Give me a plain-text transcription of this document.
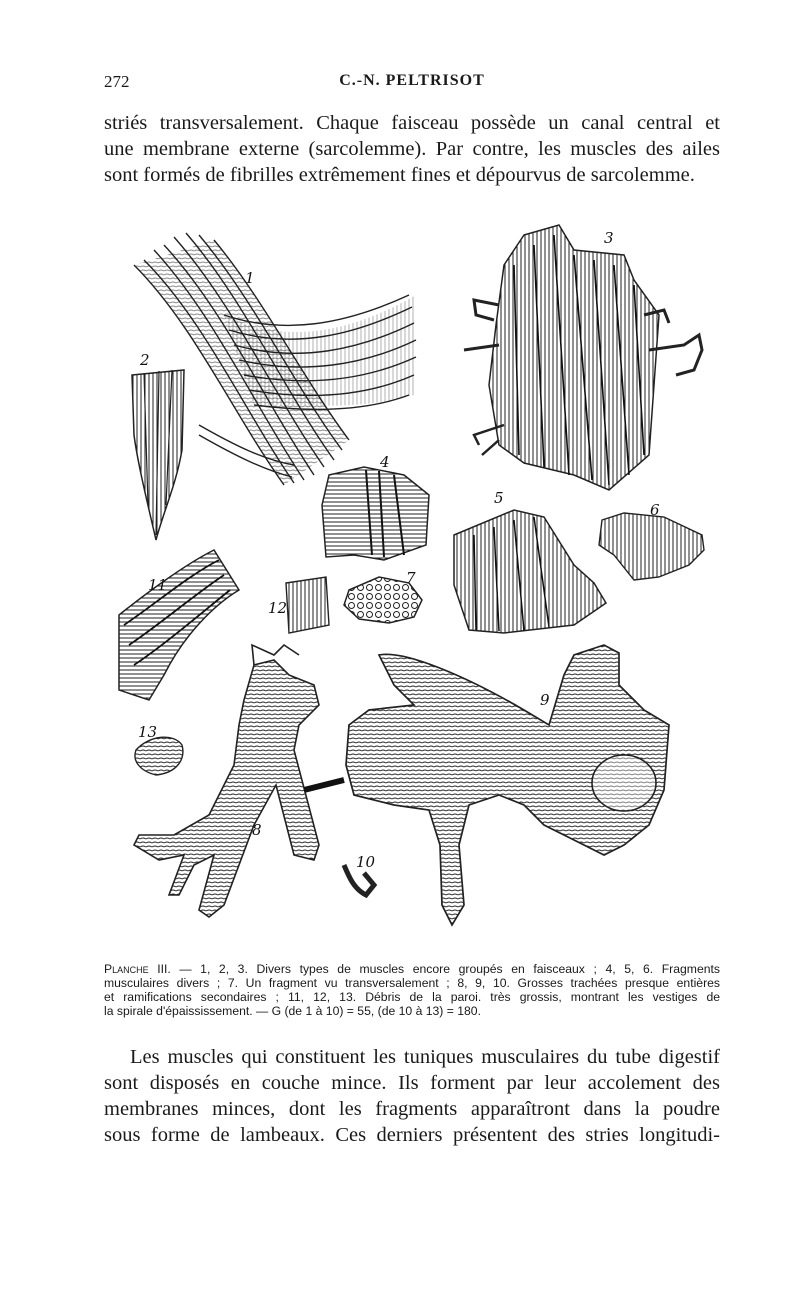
272	C.-N. PELTRISOT

striés transversalement. Chaque faisceau possède un canal central et
une membrane externe (sarcolemme). Par contre, les muscles des ailes
sont formés de fibrilles extrêmement fines et dépourvus de sarcolemme.

1
2
3
4
5
6
7
11
12
13
8
10
9

Planche III. — 1, 2, 3. Divers types de muscles encore groupés en faisceaux ; 4, 5, 6. Fragments
musculaires divers ; 7. Un fragment vu transversalement ; 8, 9, 10. Grosses trachées presque entières
et ramifications secondaires ; 11, 12, 13. Débris de la paroi. très grossis, montrant les vestiges de
la spirale d'épaississement. — G (de 1 à 10) = 55, (de 10 à 13) = 180.

Les muscles qui constituent les tuniques musculaires du tube digestif
sont disposés en couche mince. Ils forment par leur accolement des
membranes minces, dont les fragments apparaîtront dans la poudre
sous forme de lambeaux. Ces derniers présentent des stries longitudi-
